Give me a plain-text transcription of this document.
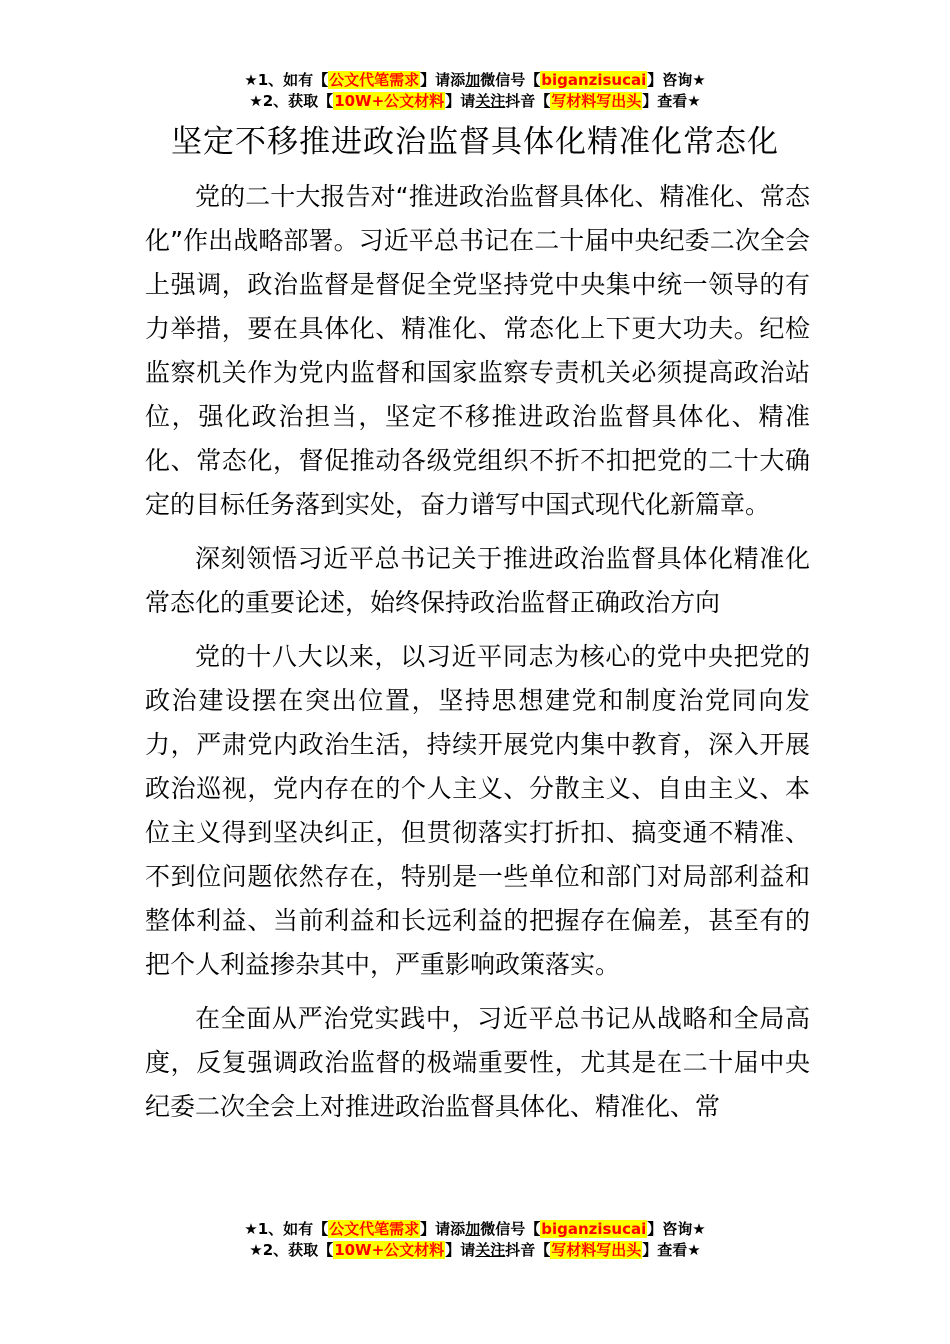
★1、如有【公文代笔需求】请添加微信号【biganzisucai】咨询★
★2、获取【10W+公文材料】请关注抖音【写材料写出头】查看★
坚定不移推进政治监督具体化精准化常态化

党的二十大报告对“推进政治监督具体化、精准化、常态化”作出战略部署。习近平总书记在二十届中央纪委二次全会上强调，政治监督是督促全党坚持党中央集中统一领导的有力举措，要在具体化、精准化、常态化上下更大功夫。纪检监察机关作为党内监督和国家监察专责机关必须提高政治站位，强化政治担当，坚定不移推进政治监督具体化、精准化、常态化，督促推动各级党组织不折不扣把党的二十大确定的目标任务落到实处，奋力谱写中国式现代化新篇章。

深刻领悟习近平总书记关于推进政治监督具体化精准化常态化的重要论述，始终保持政治监督正确政治方向

党的十八大以来，以习近平同志为核心的党中央把党的政治建设摆在突出位置，坚持思想建党和制度治党同向发力，严肃党内政治生活，持续开展党内集中教育，深入开展政治巡视，党内存在的个人主义、分散主义、自由主义、本位主义得到坚决纠正，但贯彻落实打折扣、搞变通不精准、不到位问题依然存在，特别是一些单位和部门对局部利益和整体利益、当前利益和长远利益的把握存在偏差，甚至有的把个人利益掺杂其中，严重影响政策落实。

在全面从严治党实践中，习近平总书记从战略和全局高度，反复强调政治监督的极端重要性，尤其是在二十届中央纪委二次全会上对推进政治监督具体化、精准化、常

★1、如有【公文代笔需求】请添加微信号【biganzisucai】咨询★
★2、获取【10W+公文材料】请关注抖音【写材料写出头】查看★
